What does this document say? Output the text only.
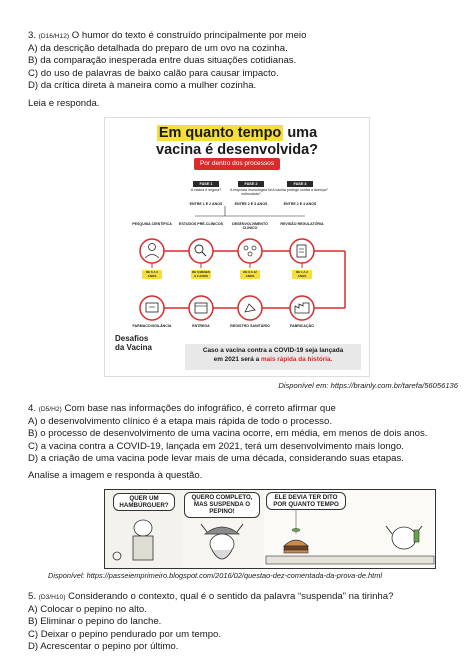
3. (D16/H12) O humor do texto é construído principalmente por meio
A) da descrição detalhada do preparo de um ovo na cozinha.
B) da comparação inesperada entre duas situações cotidianas.
C) do uso de palavras de baixo calão para causar impacto.
D) da crítica direta à maneira como a mulher cozinha.
Leia e responda.
Em quanto tempo uma
vacina é desenvolvida?
Por dentro dos processos
FASE 1
A vacina é segura?
ENTRE 1 E 2 ANOS
FASE 2
A resposta imunológica foi estimulada?
ENTRE 2 E 3 ANOS
FASE 3
A vacina protege contra a doença?
ENTRE 2 E 4 ANOS
PESQUISA CIENTÍFICA	ESTUDOS PRÉ-CLÍNICOS	DESENVOLVIMENTO CLÍNICO
REVISÃO REGULATÓRIA
DE 6 A 2 ANOS
DE 6 MESES A 2 ANOS
DE 6 A 12 ANOS
DE 1 A 2 ANOS
FARMACOVIGILÂNCIA	ENTREGA	REGISTRO SANITÁRIO	FABRICAÇÃO
Desafios
da Vacina	Caso a vacina contra a COVID-19 seja lançada
em 2021 será a mais rápida da história.
Disponível em: https://brainly.com.br/tarefa/56056136
4. (D5/H2) Com base nas informações do infográfico, é correto afirmar que
A) o desenvolvimento clínico é a etapa mais rápida de todo o processo.
B) o processo de desenvolvimento de uma vacina ocorre, em média, em menos de dois anos.
C) a vacina contra a COVID-19, lançada em 2021, terá um desenvolvimento mais longo.
D) a criação de uma vacina pode levar mais de uma década, considerando suas etapas.
Analise a imagem e responda à questão.
QUER UM HAMBÚRGUER?
QUERO COMPLETO, MAS SUSPENDA O PEPINO!
ELE DEVIA TER DITO POR QUANTO TEMPO
Disponível: https://passeiemprimeiro.blogspot.com/2016/02/questao-dez-comentada-da-prova-de.html
5. (D3/H10) Considerando o contexto, qual é o sentido da palavra “suspenda” na tirinha?
A) Colocar o pepino no alto.
B) Eliminar o pepino do lanche.
C) Deixar o pepino pendurado por um tempo.
D) Acrescentar o pepino por último.
